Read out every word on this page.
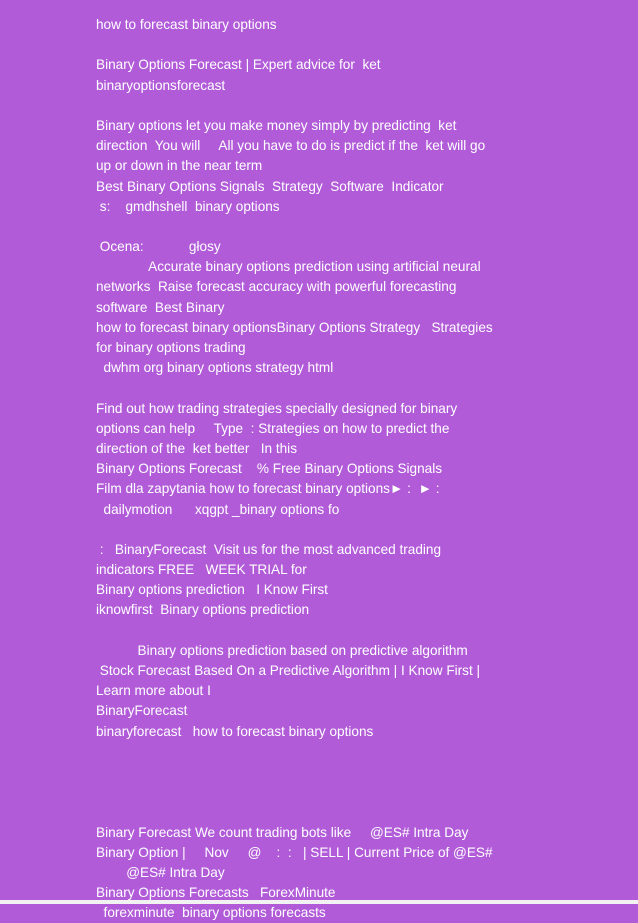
how to forecast binary options
Binary Options Forecast | Expert advice for  ket
binaryoptionsforecast
Binary options let you make money simply by predicting  ket
direction  You will     All you have to do is predict if the  ket will go
up or down in the near term
Best Binary Options Signals  Strategy  Software  Indicator
s:    gmdhshell  binary options
Ocena:            głosy
Accurate binary options prediction using artificial neural
networks  Raise forecast accuracy with powerful forecasting
software  Best Binary
how to forecast binary optionsBinary Options Strategy   Strategies
for binary options trading
dwhm org binary options strategy html
Find out how trading strategies specially designed for binary
options can help     Type  : Strategies on how to predict the
direction of the  ket better   In this
Binary Options Forecast    % Free Binary Options Signals
Film dla zapytania how to forecast binary options► :  ► :
dailymotion      xqgpt _binary options fo
:   BinaryForecast  Visit us for the most advanced trading
indicators FREE   WEEK TRIAL for
Binary options prediction   I Know First
iknowfirst  Binary options prediction
Binary options prediction based on predictive algorithm
Stock Forecast Based On a Predictive Algorithm | I Know First |
Learn more about I
BinaryForecast
binaryforecast   how to forecast binary options
Binary Forecast We count trading bots like     @ES# Intra Day
Binary Option |     Nov     @    :  :   | SELL | Current Price of @ES#
@ES# Intra Day
Binary Options Forecasts   ForexMinute
forexminute  binary options forecasts
